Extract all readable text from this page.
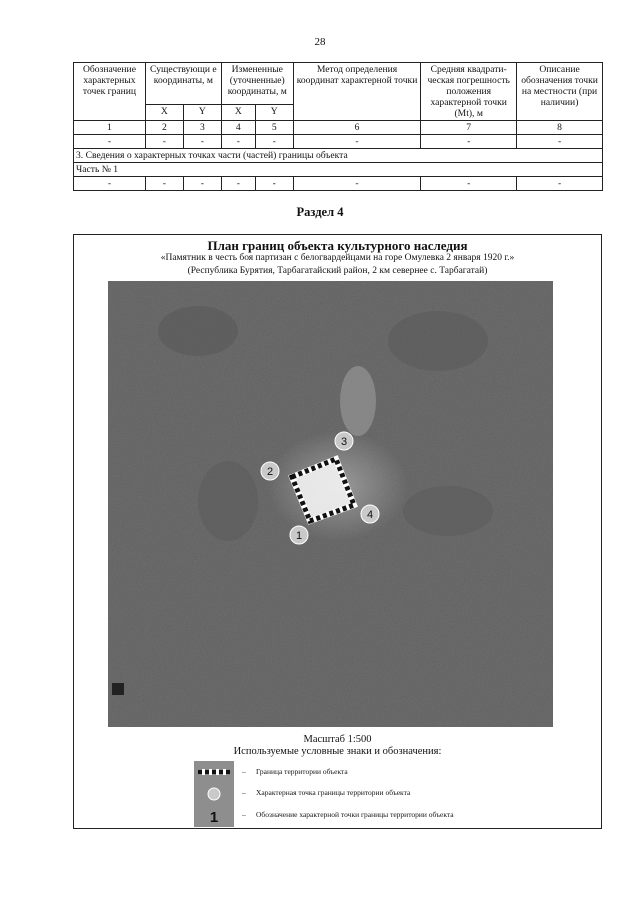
28
Обозначение характерных точек границ	Существующи е координаты, м		Измененные (уточненные) координаты, м		Метод определения координат характерной точки	Средняя квадрати-ческая погрешность положения характерной точки (Mt), м	Описание обозначения точки на местности (при наличии)
	X	Y	X	Y			
1	2	3	4	5	6	7	8
-	-	-	-	-	-	-	-
3. Сведения о характерных точках части (частей) границы объекта							
Часть № 1							
-	-	-	-	-	-	-	-
Раздел 4
План границ объекта культурного наследия
«Памятник в честь боя партизан с белогвардейцами на горе Омулевка 2 января 1920 г.»
(Республика Бурятия, Тарбагатайский район, 2 км севернее с. Тарбагатай)
1
2
3
4
Масштаб 1:500
Используемые условные знаки и обозначения:
– Граница территории объекта
– Характерная точка границы территории объекта
1	– Обозначение характерной точки границы территории объекта
